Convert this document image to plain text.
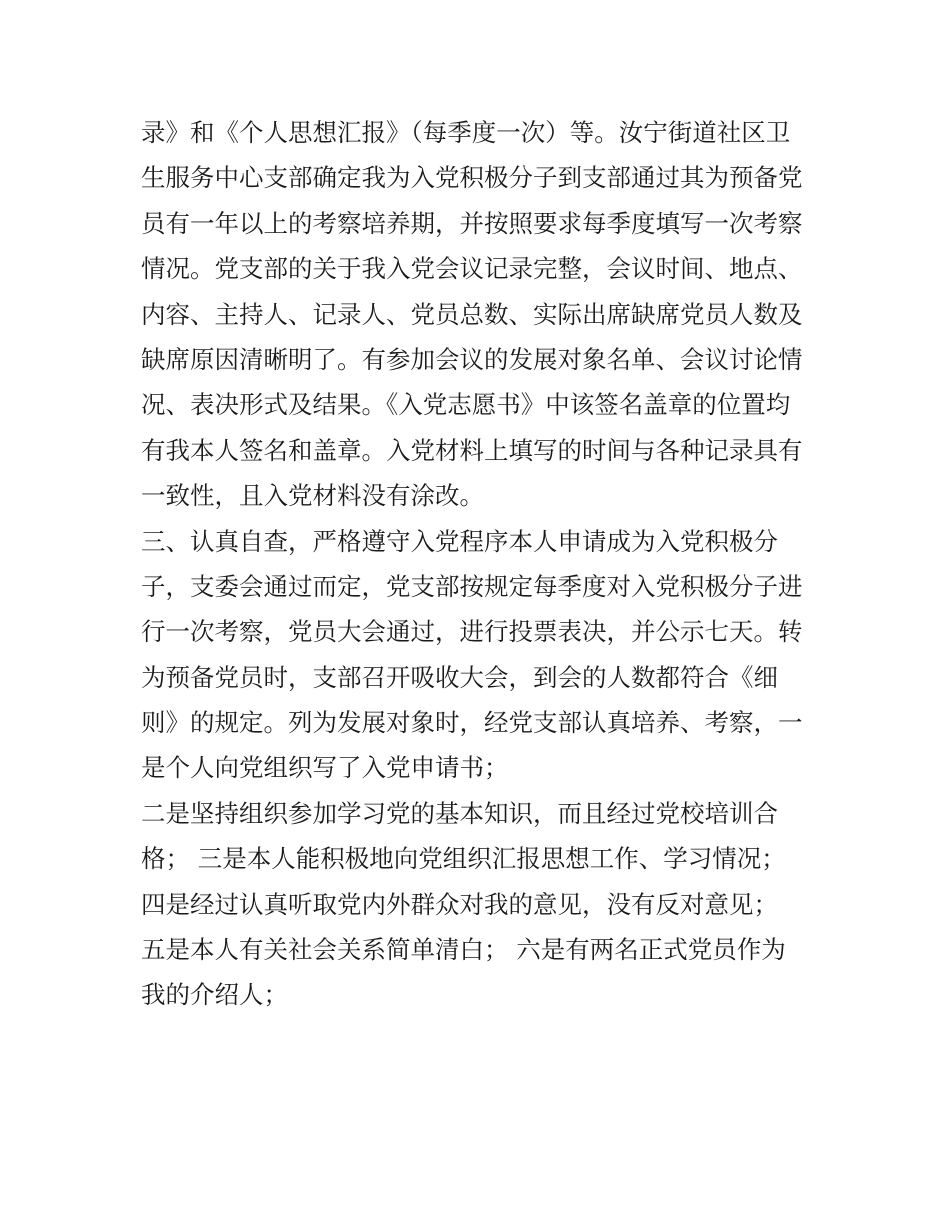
录》和《个人思想汇报》（每季度一次）等。汝宁街道社区卫
生服务中心支部确定我为入党积极分子到支部通过其为预备党
员有一年以上的考察培养期，并按照要求每季度填写一次考察
情况。党支部的关于我入党会议记录完整，会议时间、地点、
内容、主持人、记录人、党员总数、实际出席缺席党员人数及
缺席原因清晰明了。有参加会议的发展对象名单、会议讨论情
况、表决形式及结果。《入党志愿书》中该签名盖章的位置均
有我本人签名和盖章。入党材料上填写的时间与各种记录具有
一致性，且入党材料没有涂改。
三、认真自查，严格遵守入党程序本人申请成为入党积极分
子，支委会通过而定，党支部按规定每季度对入党积极分子进
行一次考察，党员大会通过，进行投票表决，并公示七天。转
为预备党员时，支部召开吸收大会，到会的人数都符合《细
则》的规定。列为发展对象时，经党支部认真培养、考察，一
是个人向党组织写了入党申请书；
二是坚持组织参加学习党的基本知识，而且经过党校培训合
格； 三是本人能积极地向党组织汇报思想工作、学习情况；
四是经过认真听取党内外群众对我的意见，没有反对意见；
五是本人有关社会关系简单清白； 六是有两名正式党员作为
我的介绍人；
